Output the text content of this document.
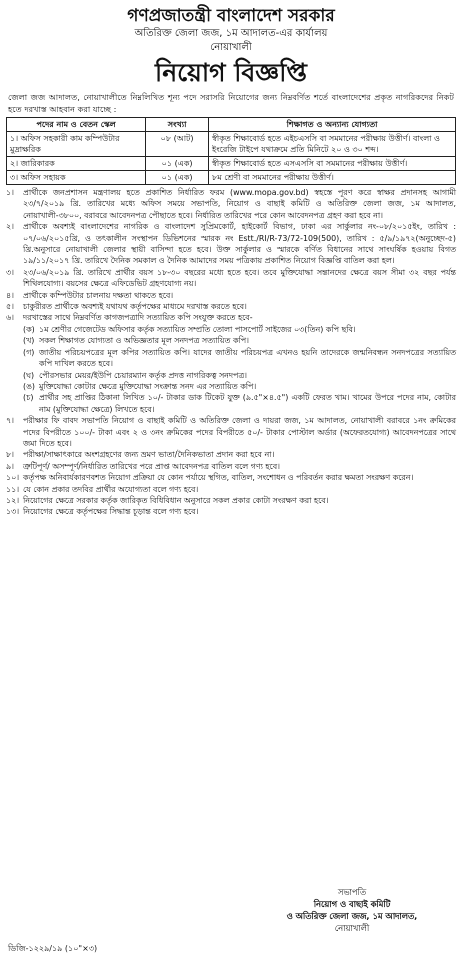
গণপ্রজাতন্ত্রী বাংলাদেশ সরকার
অতিরিক্ত জেলা জজ, ১ম আদালত-এর কার্যালয়
নোয়াখালী
নিয়োগ বিজ্ঞপ্তি
জেলা জজ আদালত, নোয়াখালীতে নিম্নলিখিত শূন্য পদে সরাসরি নিয়োগের জন্য নিম্নবর্ণিত শর্তে বাংলাদেশের প্রকৃত নাগরিকদের নিকট হতে দরখাস্ত আহবান করা যাচ্ছে :
পদের নাম ও বেতন স্কেল	সংখ্যা	শিক্ষাগত ও অন্যান্য যোগ্যতা
১। অফিস সহকারী কাম কম্পিউটার মুদ্রাক্ষরিক	০৮ (আট)	স্বীকৃত শিক্ষাবোর্ড হতে এইচএসসি বা সমমানের পরীক্ষায় উত্তীর্ণ। বাংলা ও ইংরেজি টাইপে যথাক্রমে প্রতি মিনিটে ২০ ও ৩০ শব্দ।
২। জারিকারক	০১ (এক)	স্বীকৃত শিক্ষাবোর্ড হতে এসএসসি বা সমমানের পরীক্ষায় উত্তীর্ণ।
৩। অফিস সহায়ক	০১ (এক)	৮ম শ্রেণী বা সমমানের পরীক্ষায় উত্তীর্ণ।
১।	প্রার্থীকে জনপ্রশাসন মন্ত্রণালয় হতে প্রকাশিত নির্ধারিত ফরম (www.mopa.gov.bd) স্বহস্তে পূরণ করে স্বাক্ষর প্রদানসহ আগামী ২৩/৭/২০১৯ খ্রি. তারিখের মধ্যে অফিস সময়ে সভাপতি, নিয়োগ ও বাছাই কমিটি ও অতিরিক্ত জেলা জজ, ১ম আদালত, নোয়াখালী-৩৮০০, বরাবরে আবেদনপত্র পৌছাতে হবে। নির্ধারিত তারিখের পরে কোন আবেদনপত্র গ্রহণ করা হবে না।
২।	প্রার্থীকে অবশ্যই বাংলাদেশের নাগরিক ও বাংলাদেশ সুপ্রিমকোর্ট, হাইকোর্ট বিভাগ, ঢাকা এর সার্কুলার নং-০৮/২০১৫ইং, তারিখ : ০৭/০৬/২০১৫খ্রি, ও তৎকালীন সংস্থাপন ডিভিশনের স্মারক নং Estt./RI/R-73/72-109(500), তারিখ : ৫/৯/১৯৭২(অনুচ্ছেদ-৫) খ্রি.অনুসারে নোয়াখালী জেলার স্থায়ী বাসিন্দা হতে হবে। উক্ত সার্কুলার ও স্মারকে বর্ণিত বিধানের সাথে সাংঘর্ষিক হওয়ায় বিগত ১৯/১১/২০১৭ খ্রি. তারিখে দৈনিক সমকাল ও দৈনিক আমাদের সময় পত্রিকায় প্রকাশিত নিয়োগ বিজ্ঞপ্তি বাতিল করা হল।
৩।	২৩/০৬/২০১৯ খ্রি. তারিখে প্রার্থীর বয়স ১৮-৩০ বছরের মধ্যে হতে হবে। তবে মুক্তিযোদ্ধা সন্তানদের ক্ষেত্রে বয়স সীমা ৩২ বছর পর্যন্ত শিথিলযোগ্য। বয়সের ক্ষেত্রে এফিডেভিট গ্রহণযোগ্য নয়।
৪।	প্রার্থীকে কম্পিউটার চালনায় দক্ষতা থাকতে হবে।
৫।	চাকুরীরত প্রার্থীকে অবশ্যই যথাযথ কর্তৃপক্ষের মাধ্যমে দরখাস্ত করতে হবে।
৬।	দরখাস্তের সাথে নিম্নবর্ণিত কাগজপত্রাদি সত্যায়িত কপি সংযুক্ত করতে হবে-
(ক) ১ম শ্রেণীর গেজেটেড অফিসার কর্তৃক সত্যায়িত সম্প্রতি তোলা পাসপোর্ট সাইজের ০৩(তিন) কপি ছবি।
(খ) সকল শিক্ষাগত যোগ্যতা ও অভিজ্ঞতার মূল সনদপত্র সত্যায়িত কপি।
(গ) জাতীয় পরিচয়পত্রের মূল কপির সত্যায়িত কপি। যাদের জাতীয় পরিচয়পত্র এখনও হয়নি তাদেরকে জন্মনিবন্ধন সনদপত্রের সত্যায়িত কপি দাখিল করতে হবে।
(ঘ) পৌরসভার মেয়র/ইউপি চেয়ারম্যান কর্তৃক প্রদত্ত নাগরিকত্ব সনদপত্র।
(ঙ) মুক্তিযোদ্ধা কোটার ক্ষেত্রে মুক্তিযোদ্ধা সংক্রান্ত সনদ এর সত্যায়িত কপি।
(চ) প্রার্থীর সহ প্রাপ্তির ঠিকানা লিখিত ১০/- টাকার ডাক টিকেট যুক্ত (৯.৫"×৪.৫") একটি ফেরত খাম। খামের উপরে পদের নাম, কোটার নাম (মুক্তিযোদ্ধা ক্ষেত্রে) লিখতে হবে।
৭।	পরীক্ষার ফি বাবদ সভাপতি নিয়োগ ও বাছাই কমিটি ও অতিরিক্ত জেলা ও দায়রা জজ, ১ম আদালত, নোয়াখালী বরাবরে ১নং ক্রমিকের পদের বিপরীতে ১০০/- টাকা এবং ২ ও ৩নং ক্রমিকের পদের বিপরীতে ৫০/- টাকার পোস্টাল অর্ডার (অফেরতযোগ্য) আবেদনপত্রের সাথে জমা দিতে হবে।
৮।	পরীক্ষা/সাক্ষাৎকারে অংশগ্রহণের জন্য ভ্রমণ ভাতা/দৈনিকভাতা প্রদান করা হবে না।
৯।	ত্রুটিপূর্ণ/ অসম্পূর্ণ/নির্ধারিত তারিখের পরে প্রাপ্ত আবেদনপত্র বাতিল বলে গণ্য হবে।
১০। কর্তৃপক্ষ অনিবার্যকারণবশত নিয়োগ প্রক্রিয়া যে কোন পর্যায়ে স্থগিত, বাতিল, সংশোধন ও পরিবর্তন করার ক্ষমতা সংরক্ষণ করেন।
১১। যে কোন প্রকার তদবির প্রার্থীর অযোগ্যতা বলে গণ্য হবে।
১২। নিয়োগের ক্ষেত্রে সরকার কর্তৃক জারিকৃত বিধিবিধান অনুসারে সকল প্রকার কোটা সংরক্ষণ করা হবে।
১৩। নিয়োগের ক্ষেত্রে কর্তৃপক্ষের সিদ্ধান্ত চূড়ান্ত বলে গণ্য হবে।
সভাপতি
নিয়োগ ও বাছাই কমিটি
ও অতিরিক্ত জেলা জজ, ১ম আদালত,
নোয়াখালী
ডিজি-১২২৯/১৯ (১০"×৩)
